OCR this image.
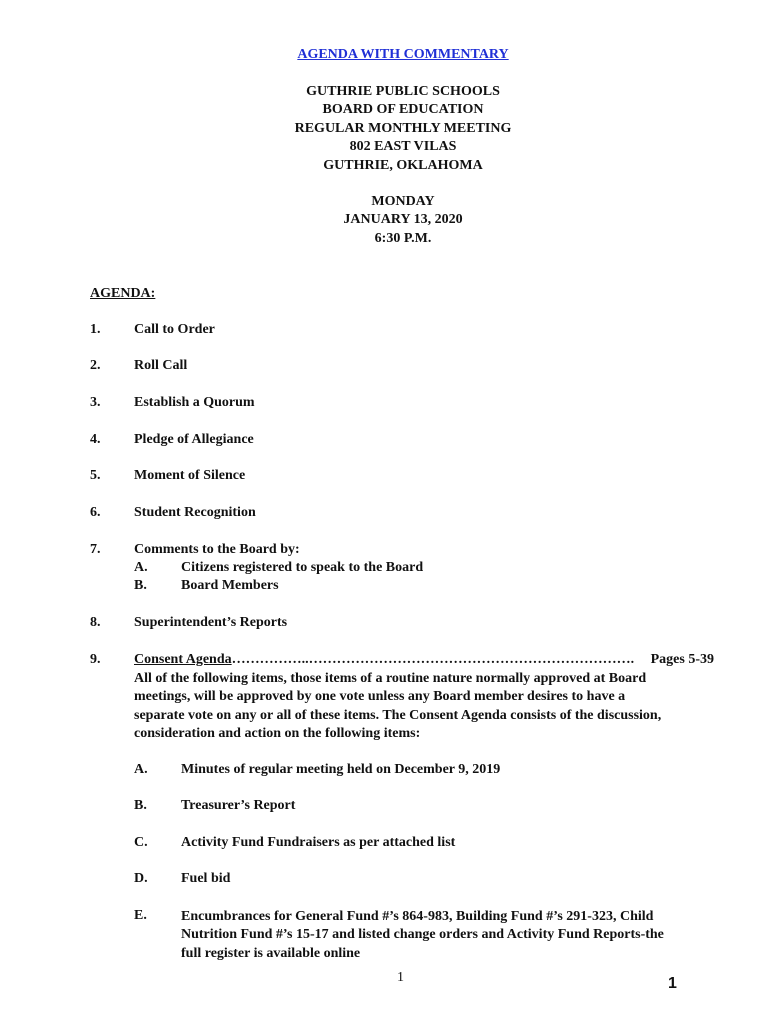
AGENDA WITH COMMENTARY
GUTHRIE PUBLIC SCHOOLS
BOARD OF EDUCATION
REGULAR MONTHLY MEETING
802 EAST VILAS
GUTHRIE, OKLAHOMA
MONDAY
JANUARY 13, 2020
6:30 P.M.
AGENDA:
1. Call to Order
2. Roll Call
3. Establish a Quorum
4. Pledge of Allegiance
5. Moment of Silence
6. Student Recognition
7. Comments to the Board by:
A. Citizens registered to speak to the Board
B. Board Members
8. Superintendent’s Reports
9. Consent Agenda……………..……………………………………………………………. Pages 5-39
All of the following items, those items of a routine nature normally approved at Board
meetings, will be approved by one vote unless any Board member desires to have a
separate vote on any or all of these items. The Consent Agenda consists of the discussion,
consideration and action on the following items:
A. Minutes of regular meeting held on December 9, 2019
B. Treasurer’s Report
C. Activity Fund Fundraisers as per attached list
D. Fuel bid
E. Encumbrances for General Fund #’s 864-983, Building Fund #’s 291-323, Child
Nutrition Fund #’s 15-17 and listed change orders and Activity Fund Reports-the
full register is available online
1	1
